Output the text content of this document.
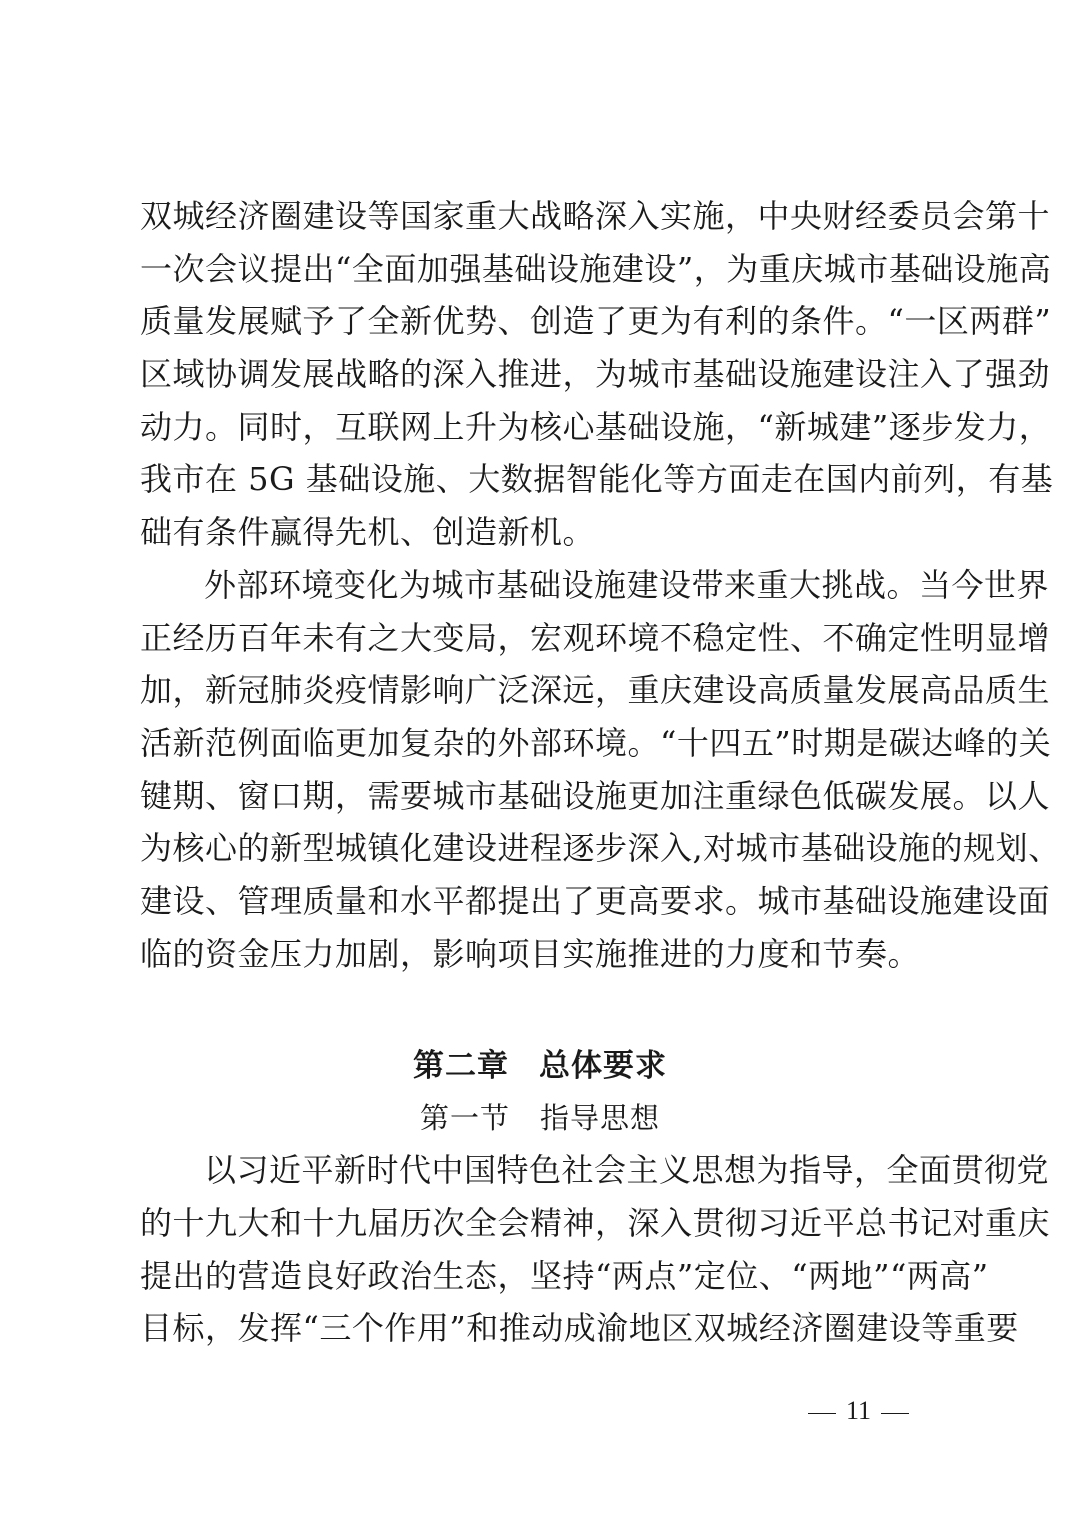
双城经济圈建设等国家重大战略深入实施，中央财经委员会第十
一次会议提出“全面加强基础设施建设”，为重庆城市基础设施高
质量发展赋予了全新优势、创造了更为有利的条件。“一区两群”
区域协调发展战略的深入推进，为城市基础设施建设注入了强劲
动力。同时，互联网上升为核心基础设施，“新城建”逐步发力，
我市在 5G 基础设施、大数据智能化等方面走在国内前列，有基
础有条件赢得先机、创造新机。
外部环境变化为城市基础设施建设带来重大挑战。当今世界
正经历百年未有之大变局，宏观环境不稳定性、不确定性明显增
加，新冠肺炎疫情影响广泛深远，重庆建设高质量发展高品质生
活新范例面临更加复杂的外部环境。“十四五”时期是碳达峰的关
键期、窗口期，需要城市基础设施更加注重绿色低碳发展。以人
为核心的新型城镇化建设进程逐步深入,对城市基础设施的规划、
建设、管理质量和水平都提出了更高要求。城市基础设施建设面
临的资金压力加剧，影响项目实施推进的力度和节奏。
第二章 总体要求
第一节 指导思想
以习近平新时代中国特色社会主义思想为指导，全面贯彻党
的十九大和十九届历次全会精神，深入贯彻习近平总书记对重庆
提出的营造良好政治生态，坚持“两点”定位、“两地”“两高”
目标，发挥“三个作用”和推动成渝地区双城经济圈建设等重要
11
